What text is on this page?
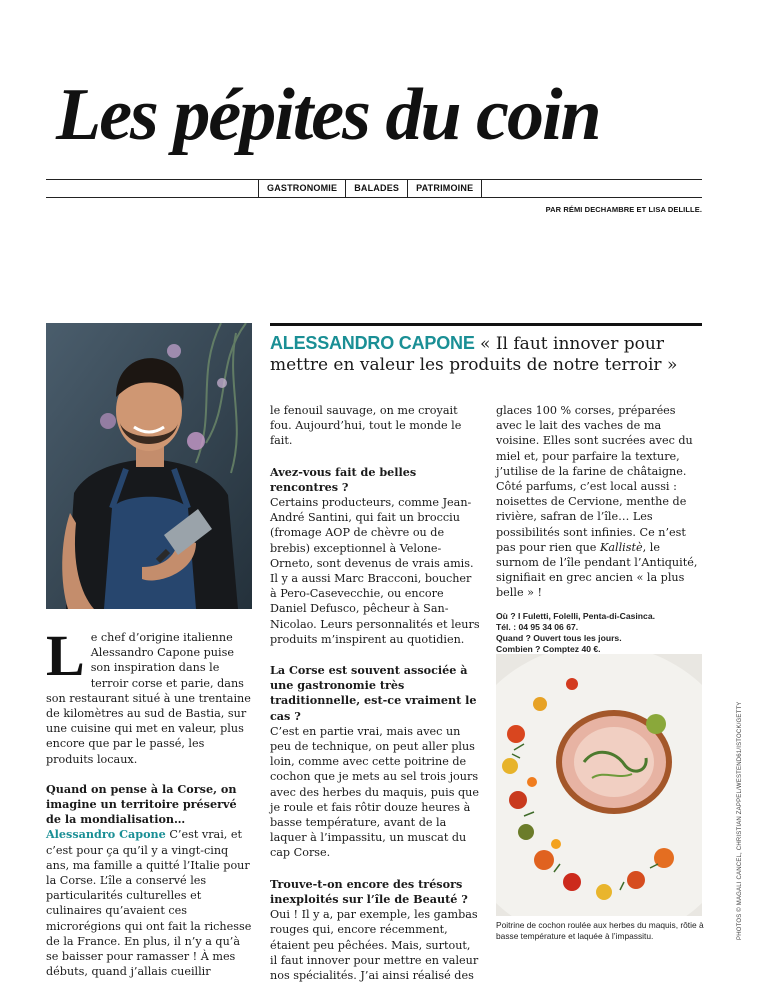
Les pépites du coin
GASTRONOMIE	BALADES	PATRIMOINE
PAR RÉMI DECHAMBRE ET LISA DELILLE.
ALESSANDRO CAPONE « Il faut innover pour mettre en valeur les produits de notre terroir »

Le chef d’origine italienne Alessandro Capone puise son inspiration dans le terroir corse et parie, dans son restaurant situé à une trentaine de kilomètres au sud de Bastia, sur une cuisine qui met en valeur, plus encore que par le passé, les produits locaux.

Quand on pense à la Corse, on imagine un territoire préservé de la mondialisation…

Alessandro Capone C’est vrai, et c’est pour ça qu’il y a vingt-cinq ans, ma famille a quitté l’Italie pour la Corse. L’île a conservé les particularités culturelles et culinaires qu’avaient ces microrégions qui ont fait la richesse de la France. En plus, il n’y a qu’à se baisser pour ramasser ! À mes débuts, quand j’allais cueillir

le fenouil sauvage, on me croyait fou. Aujourd’hui, tout le monde le fait.

Avez-vous fait de belles rencontres ?

Certains producteurs, comme Jean-André Santini, qui fait un brocciu (fromage AOP de chèvre ou de brebis) exceptionnel à Velone-Orneto, sont devenus de vrais amis. Il y a aussi Marc Bracconi, boucher à Pero-Casevecchie, ou encore Daniel Defusco, pêcheur à San-Nicolao. Leurs personnalités et leurs produits m’inspirent au quotidien.

La Corse est souvent associée à une gastronomie très traditionnelle, est-ce vraiment le cas ?

C’est en partie vrai, mais avec un peu de technique, on peut aller plus loin, comme avec cette poitrine de cochon que je mets au sel trois jours avec des herbes du maquis, puis que je roule et fais rôtir douze heures à basse température, avant de la laquer à l’impassitu, un muscat du cap Corse.

Trouve-t-on encore des trésors inexploités sur l’île de Beauté ?

Oui ! Il y a, par exemple, les gambas rouges qui, encore récemment, étaient peu pêchées. Mais, surtout, il faut innover pour mettre en valeur nos spécialités. J’ai ainsi réalisé des

glaces 100 % corses, préparées avec le lait des vaches de ma voisine. Elles sont sucrées avec du miel et, pour parfaire la texture, j’utilise de la farine de châtaigne. Côté parfums, c’est local aussi : noisettes de Cervione, menthe de rivière, safran de l’île… Les possibilités sont infinies. Ce n’est pas pour rien que Kallistè, le surnom de l’île pendant l’Antiquité, signifiait en grec ancien « la plus belle » !

Où ? I Fuletti, Folelli, Penta-di-Casinca.
Tél. : 04 95 34 06 67.
Quand ? Ouvert tous les jours.
Combien ? Comptez 40 €.
Poitrine de cochon roulée aux herbes du maquis, rôtie à basse température et laquée à l’impassitu.	PHOTOS © MAGALI CANCEL, CHRISTIAN ZAPPEL/WESTEND61/ISTOCK/GETTY
